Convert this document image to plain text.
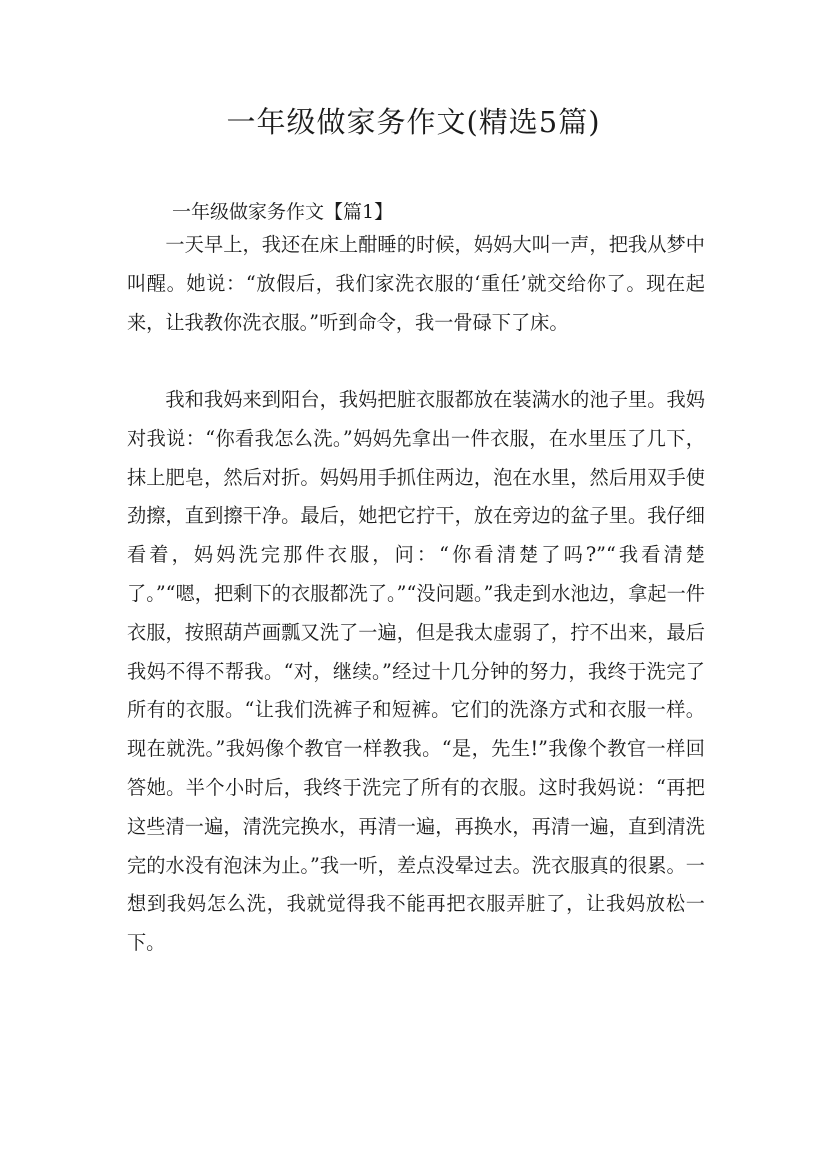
一年级做家务作文(精选5篇)
一年级做家务作文【篇1】

一天早上，我还在床上酣睡的时候，妈妈大叫一声，把我从梦中叫醒。她说：“放假后，我们家洗衣服的‘重任’就交给你了。现在起来，让我教你洗衣服。”听到命令，我一骨碌下了床。

我和我妈来到阳台，我妈把脏衣服都放在装满水的池子里。我妈对我说：“你看我怎么洗。”妈妈先拿出一件衣服，在水里压了几下，抹上肥皂，然后对折。妈妈用手抓住两边，泡在水里，然后用双手使劲擦，直到擦干净。最后，她把它拧干，放在旁边的盆子里。我仔细看着，妈妈洗完那件衣服，问：“你看清楚了吗?”“我看清楚了。”“嗯，把剩下的衣服都洗了。”“没问题。”我走到水池边，拿起一件衣服，按照葫芦画瓢又洗了一遍，但是我太虚弱了，拧不出来，最后我妈不得不帮我。“对，继续。”经过十几分钟的努力，我终于洗完了所有的衣服。“让我们洗裤子和短裤。它们的洗涤方式和衣服一样。现在就洗。”我妈像个教官一样教我。“是，先生!”我像个教官一样回答她。半个小时后，我终于洗完了所有的衣服。这时我妈说：“再把这些清一遍，清洗完换水，再清一遍，再换水，再清一遍，直到清洗完的水没有泡沫为止。”我一听，差点没晕过去。洗衣服真的很累。一想到我妈怎么洗，我就觉得我不能再把衣服弄脏了，让我妈放松一下。
